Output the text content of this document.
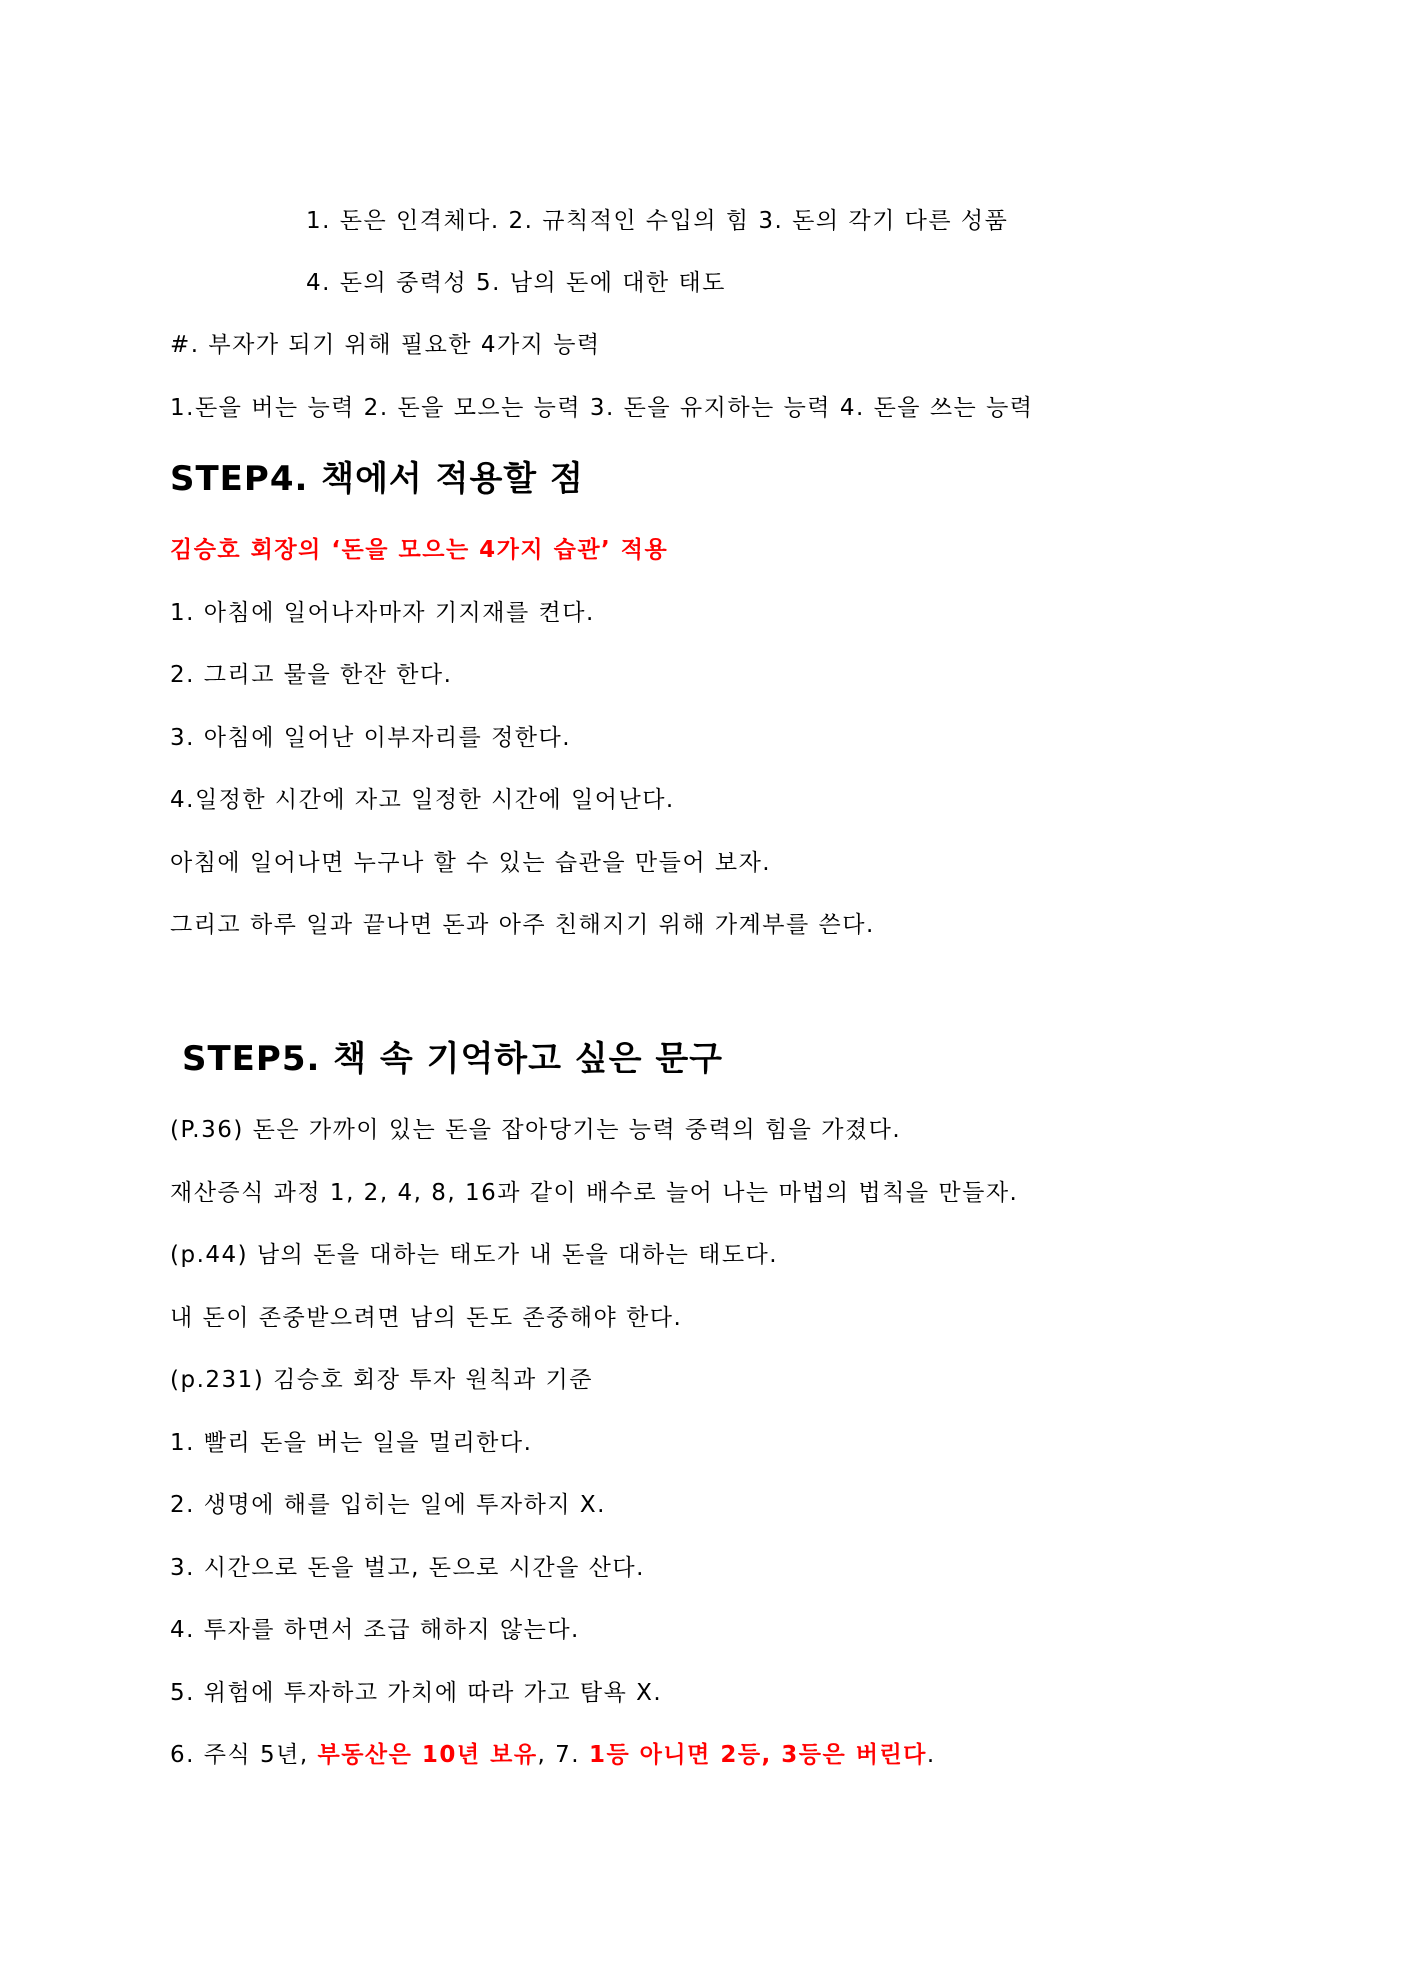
1. 돈은 인격체다. 2. 규칙적인 수입의 힘 3. 돈의 각기 다른 성품
4. 돈의 중력성 5. 남의 돈에 대한 태도
#. 부자가 되기 위해 필요한 4가지 능력
1.돈을 버는 능력 2. 돈을 모으는 능력 3. 돈을 유지하는 능력 4. 돈을 쓰는 능력
STEP4. 책에서 적용할 점
김승호 회장의 ‘돈을 모으는 4가지 습관’ 적용
1. 아침에 일어나자마자 기지재를 켠다.
2. 그리고 물을 한잔 한다.
3. 아침에 일어난 이부자리를 정한다.
4.일정한 시간에 자고 일정한 시간에 일어난다.
아침에 일어나면 누구나 할 수 있는 습관을 만들어 보자.
그리고 하루 일과 끝나면 돈과 아주 친해지기 위해 가계부를 쓴다.
STEP5. 책 속 기억하고 싶은 문구
(P.36) 돈은 가까이 있는 돈을 잡아당기는 능력 중력의 힘을 가졌다.
재산증식 과정 1, 2, 4, 8, 16과 같이 배수로 늘어 나는 마법의 법칙을 만들자.
(p.44) 남의 돈을 대하는 태도가 내 돈을 대하는 태도다.
내 돈이 존중받으려면 남의 돈도 존중해야 한다.
(p.231) 김승호 회장 투자 원칙과 기준
1. 빨리 돈을 버는 일을 멀리한다.
2. 생명에 해를 입히는 일에 투자하지 X.
3. 시간으로 돈을 벌고, 돈으로 시간을 산다.
4. 투자를 하면서 조급 해하지 않는다.
5. 위험에 투자하고 가치에 따라 가고 탐욕 X.
6. 주식 5년, 부동산은 10년 보유, 7. 1등 아니면 2등, 3등은 버린다.
